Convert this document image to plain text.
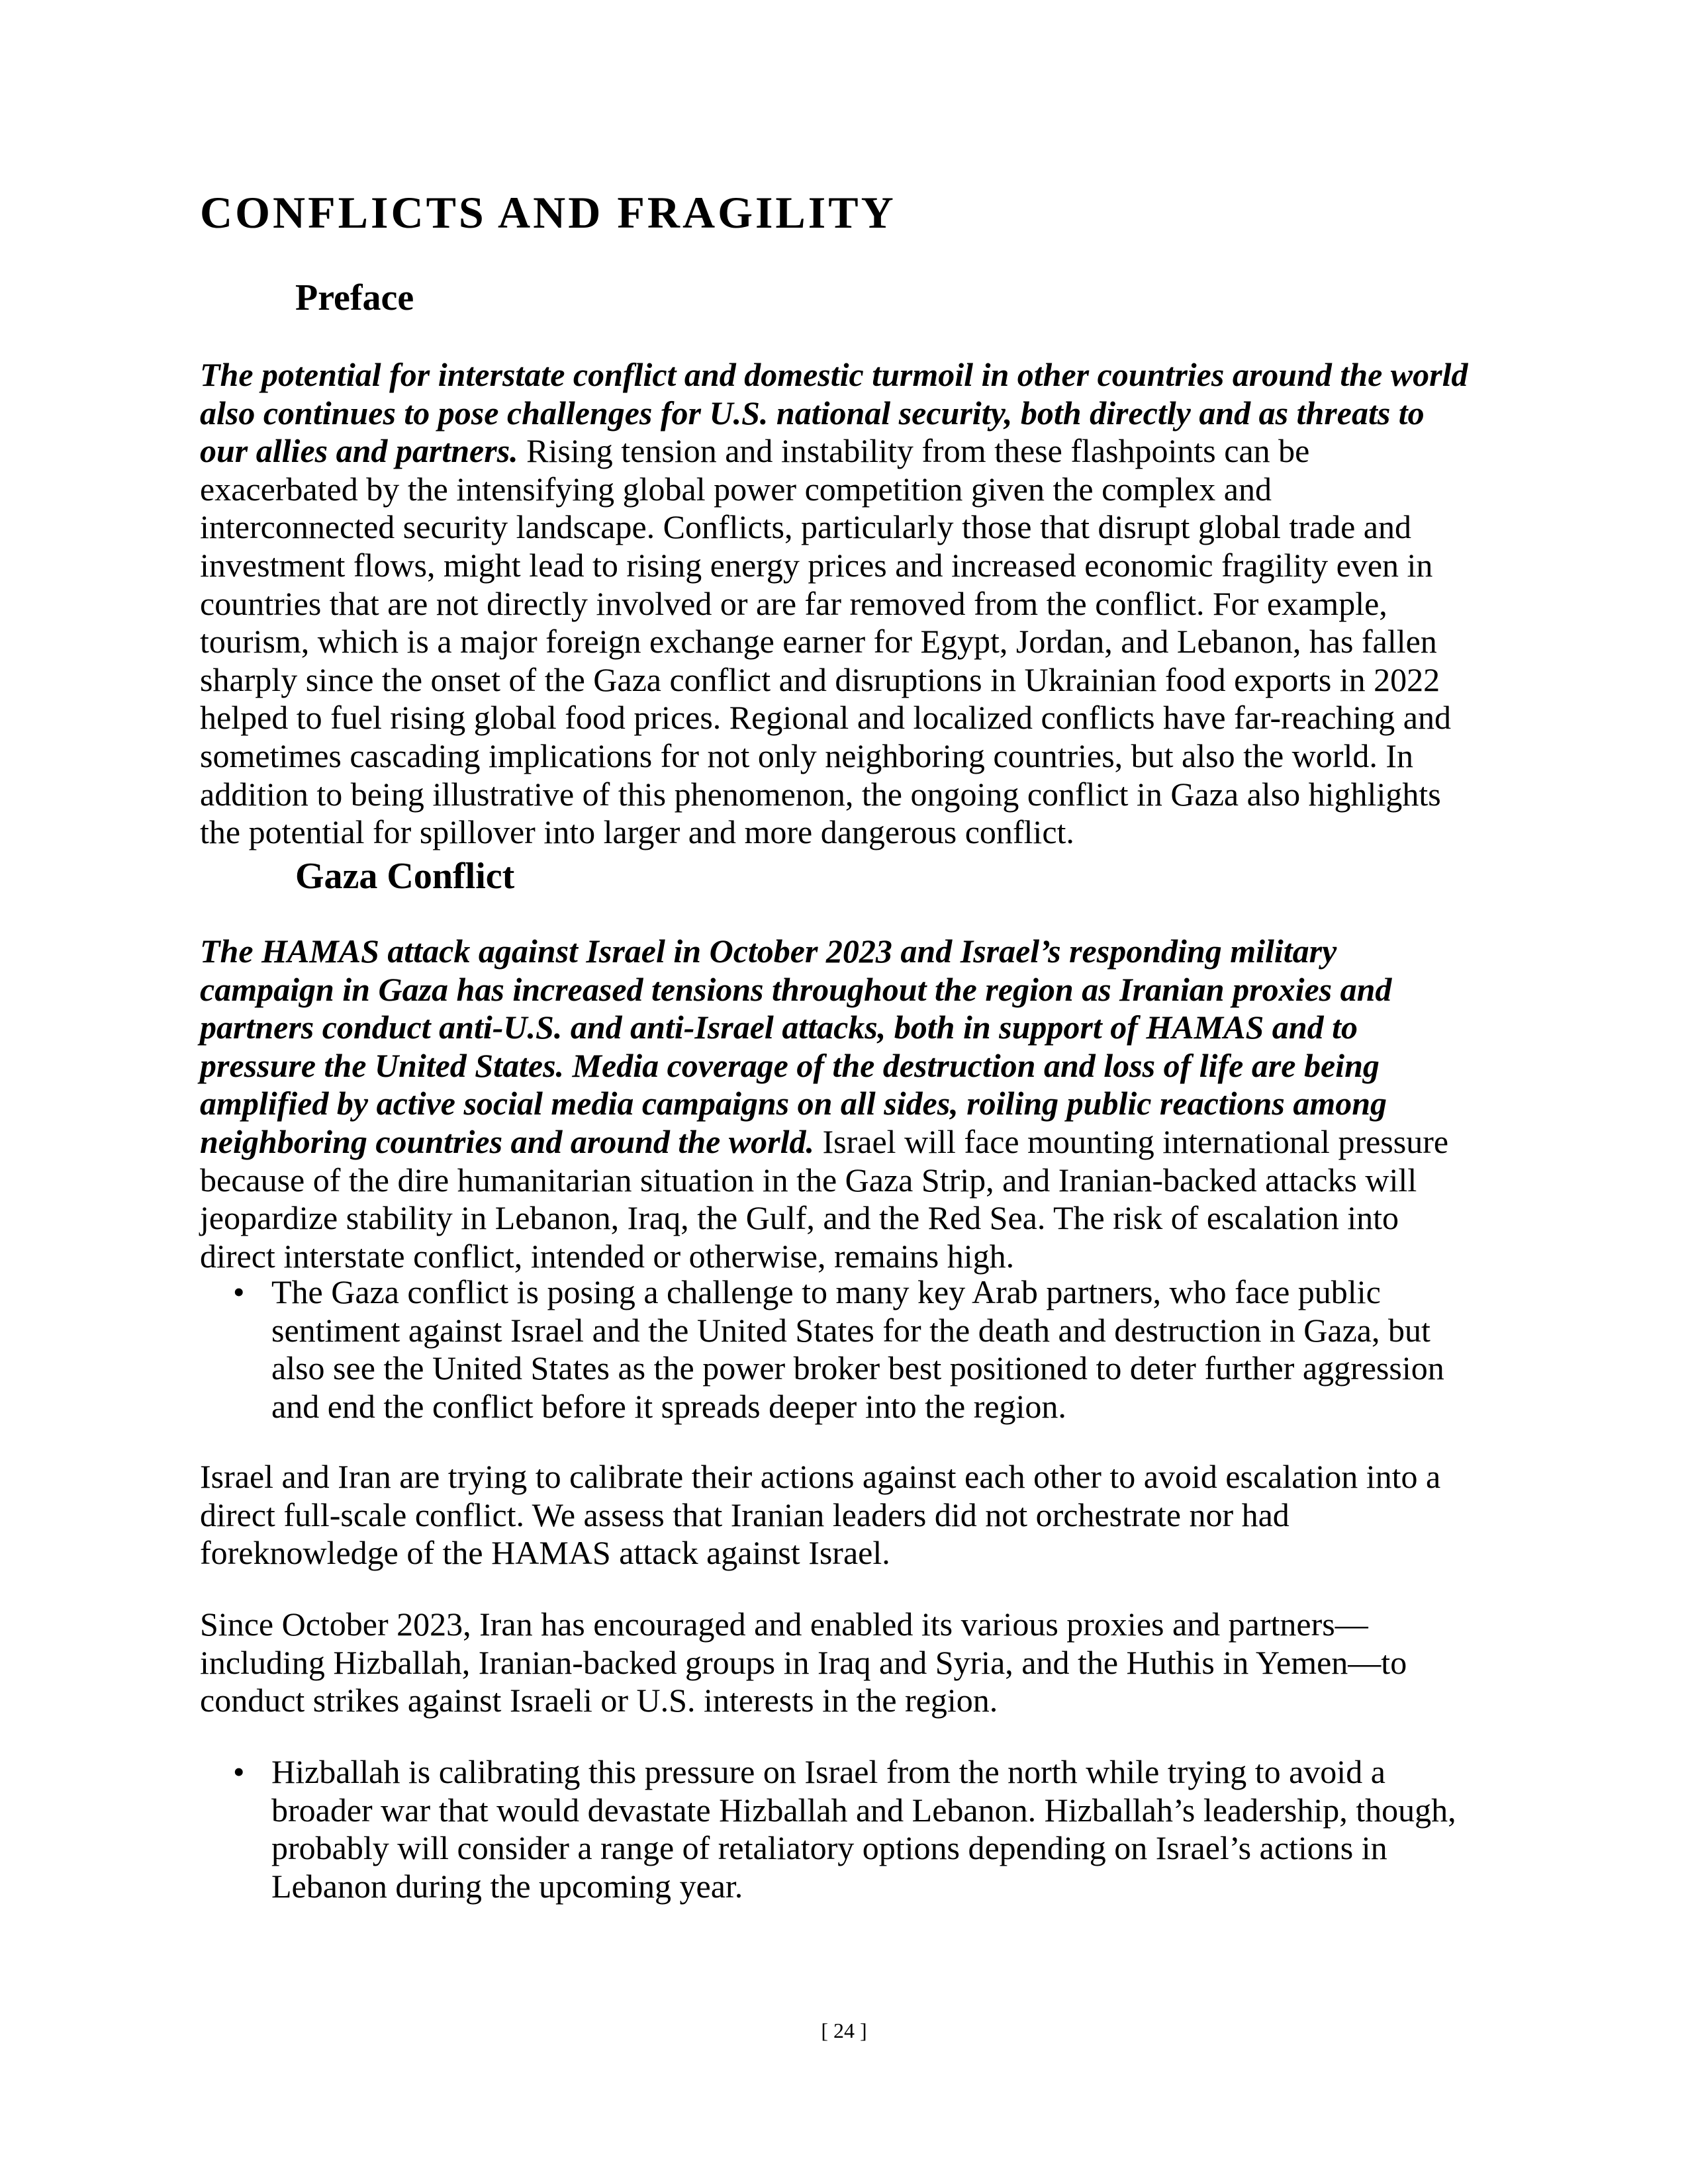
CONFLICTS AND FRAGILITY
Preface
The potential for interstate conflict and domestic turmoil in other countries around the world also continues to pose challenges for U.S. national security, both directly and as threats to our allies and partners. Rising tension and instability from these flashpoints can be exacerbated by the intensifying global power competition given the complex and interconnected security landscape. Conflicts, particularly those that disrupt global trade and investment flows, might lead to rising energy prices and increased economic fragility even in countries that are not directly involved or are far removed from the conflict. For example, tourism, which is a major foreign exchange earner for Egypt, Jordan, and Lebanon, has fallen sharply since the onset of the Gaza conflict and disruptions in Ukrainian food exports in 2022 helped to fuel rising global food prices. Regional and localized conflicts have far-reaching and sometimes cascading implications for not only neighboring countries, but also the world. In addition to being illustrative of this phenomenon, the ongoing conflict in Gaza also highlights the potential for spillover into larger and more dangerous conflict.
Gaza Conflict
The HAMAS attack against Israel in October 2023 and Israel’s responding military campaign in Gaza has increased tensions throughout the region as Iranian proxies and partners conduct anti-U.S. and anti-Israel attacks, both in support of HAMAS and to pressure the United States. Media coverage of the destruction and loss of life are being amplified by active social media campaigns on all sides, roiling public reactions among neighboring countries and around the world. Israel will face mounting international pressure because of the dire humanitarian situation in the Gaza Strip, and Iranian-backed attacks will jeopardize stability in Lebanon, Iraq, the Gulf, and the Red Sea. The risk of escalation into direct interstate conflict, intended or otherwise, remains high.
• The Gaza conflict is posing a challenge to many key Arab partners, who face public sentiment against Israel and the United States for the death and destruction in Gaza, but also see the United States as the power broker best positioned to deter further aggression and end the conflict before it spreads deeper into the region.
Israel and Iran are trying to calibrate their actions against each other to avoid escalation into a direct full-scale conflict. We assess that Iranian leaders did not orchestrate nor had foreknowledge of the HAMAS attack against Israel.
Since October 2023, Iran has encouraged and enabled its various proxies and partners—including Hizballah, Iranian-backed groups in Iraq and Syria, and the Huthis in Yemen—to conduct strikes against Israeli or U.S. interests in the region.
• Hizballah is calibrating this pressure on Israel from the north while trying to avoid a broader war that would devastate Hizballah and Lebanon. Hizballah’s leadership, though, probably will consider a range of retaliatory options depending on Israel’s actions in Lebanon during the upcoming year.
[ 24 ]
